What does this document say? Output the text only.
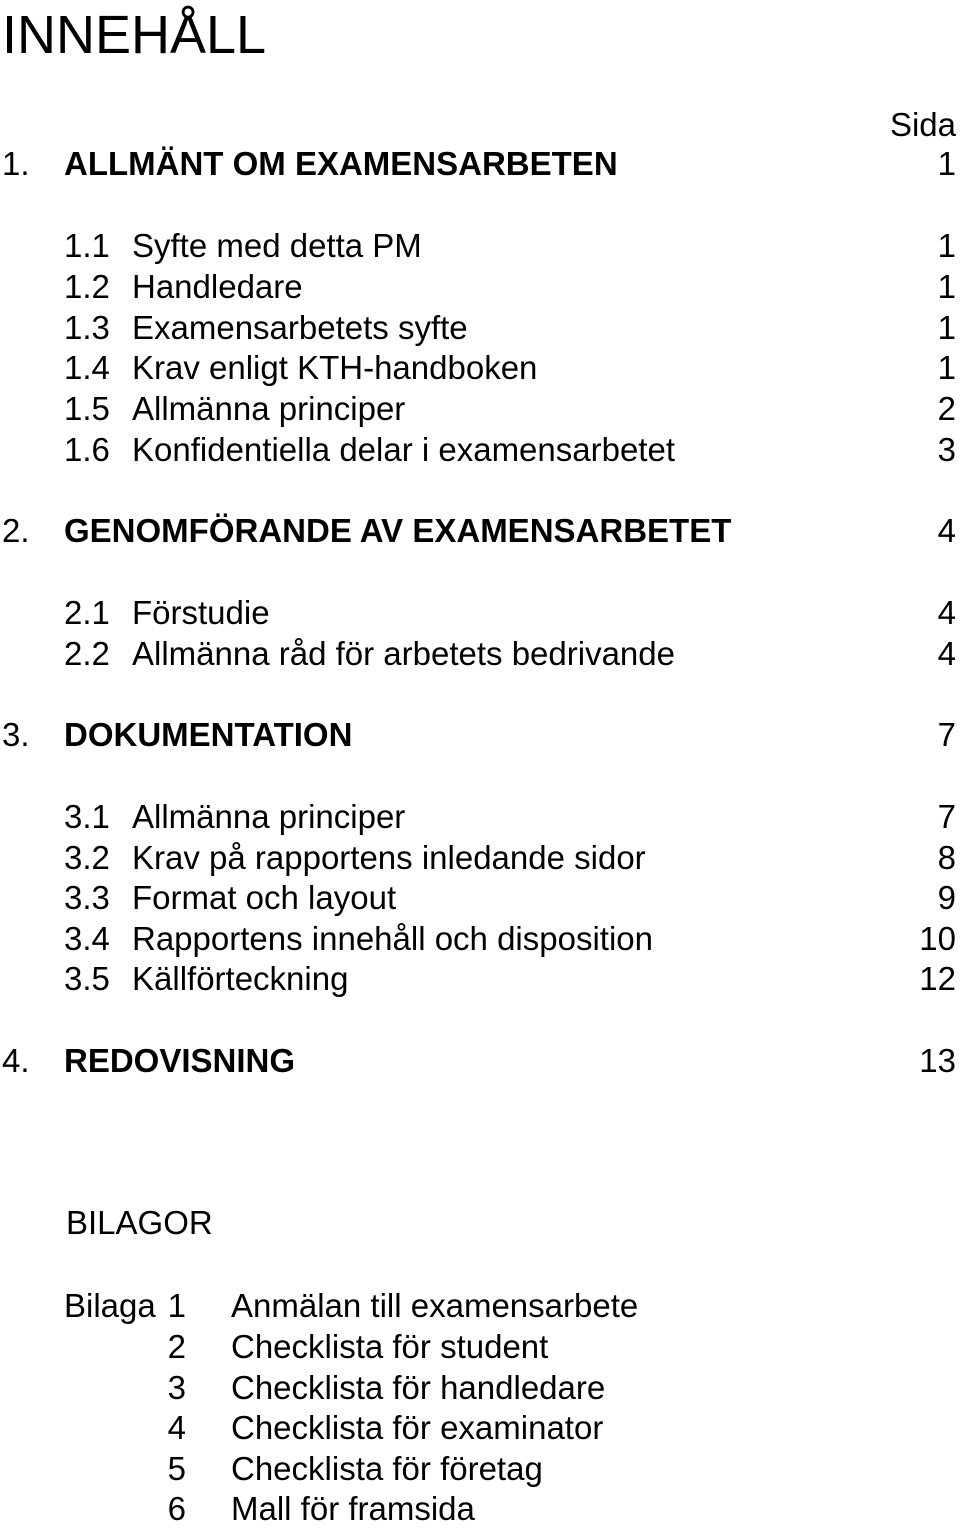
INNEHÅLL
Sida
1. ALLMÄNT OM EXAMENSARBETEN	1
1.1 Syfte med detta PM	1
1.2 Handledare	1
1.3 Examensarbetets syfte	1
1.4 Krav enligt KTH-handboken	1
1.5 Allmänna principer	2
1.6 Konfidentiella delar i examensarbetet	3
2. GENOMFÖRANDE AV EXAMENSARBETET	4
2.1 Förstudie	4
2.2 Allmänna råd för arbetets bedrivande	4
3. DOKUMENTATION	7
3.1 Allmänna principer	7
3.2 Krav på rapportens inledande sidor	8
3.3 Format och layout	9
3.4 Rapportens innehåll och disposition	10
3.5 Källförteckning	12
4. REDOVISNING	13
BILAGOR
Bilaga 1 Anmälan till examensarbete
2 Checklista för student
3 Checklista för handledare
4 Checklista för examinator
5 Checklista för företag
6 Mall för framsida
